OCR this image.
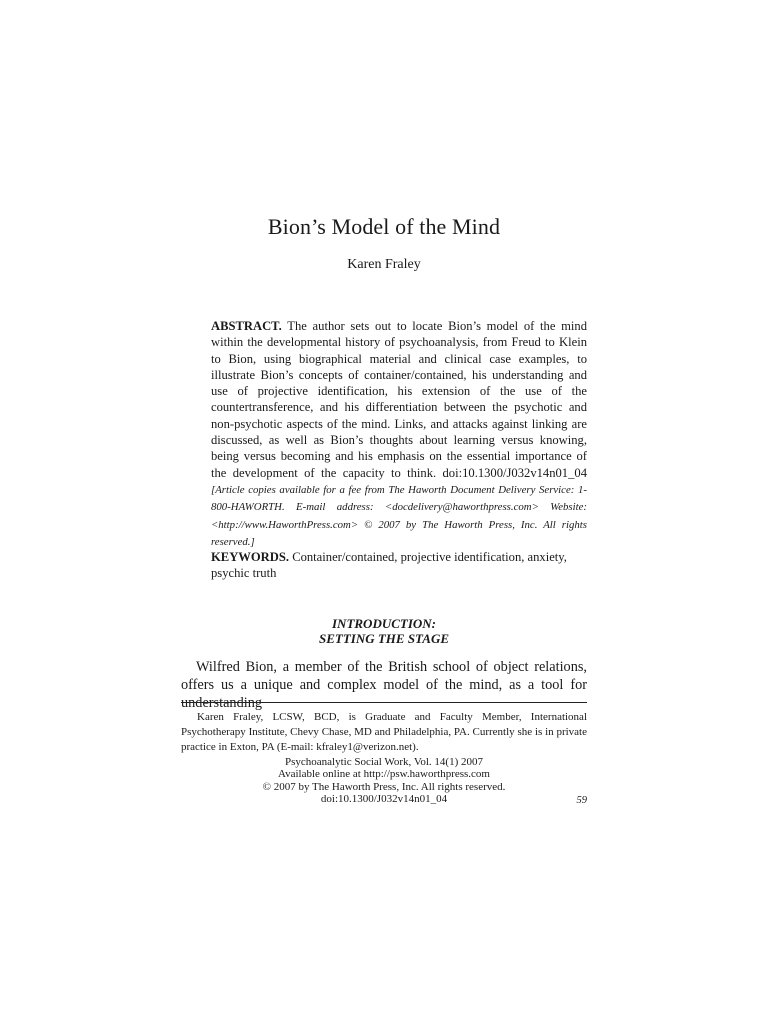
Bion’s Model of the Mind
Karen Fraley
ABSTRACT. The author sets out to locate Bion’s model of the mind within the developmental history of psychoanalysis, from Freud to Klein to Bion, using biographical material and clinical case examples, to illustrate Bion’s concepts of container/contained, his understanding and use of projective identification, his extension of the use of the countertransference, and his differentiation between the psychotic and non-psychotic aspects of the mind. Links, and attacks against linking are discussed, as well as Bion’s thoughts about learning versus knowing, being versus becoming and his emphasis on the essential importance of the development of the capacity to think. doi:10.1300/J032v14n01_04 [Article copies available for a fee from The Haworth Document Delivery Service: 1-800-HAWORTH. E-mail address: <docdelivery@haworthpress.com> Website: <http://www.HaworthPress.com> © 2007 by The Haworth Press, Inc. All rights reserved.]
KEYWORDS. Container/contained, projective identification, anxiety, psychic truth
INTRODUCTION:
SETTING THE STAGE
Wilfred Bion, a member of the British school of object relations, offers us a unique and complex model of the mind, as a tool for understanding
Karen Fraley, LCSW, BCD, is Graduate and Faculty Member, International Psychotherapy Institute, Chevy Chase, MD and Philadelphia, PA. Currently she is in private practice in Exton, PA (E-mail: kfraley1@verizon.net).
Psychoanalytic Social Work, Vol. 14(1) 2007
Available online at http://psw.haworthpress.com
© 2007 by The Haworth Press, Inc. All rights reserved.
doi:10.1300/J032v14n01_04	59
